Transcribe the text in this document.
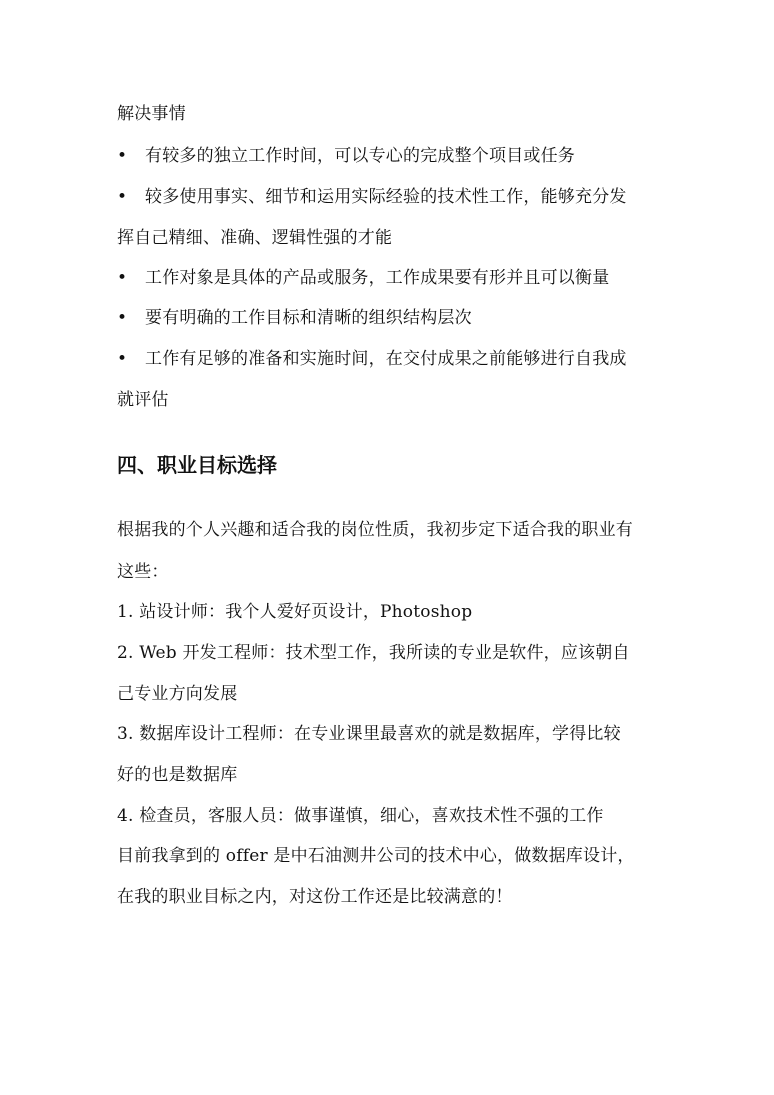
解决事情
• 有较多的独立工作时间，可以专心的完成整个项目或任务
• 较多使用事实、细节和运用实际经验的技术性工作，能够充分发
挥自己精细、准确、逻辑性强的才能
• 工作对象是具体的产品或服务，工作成果要有形并且可以衡量
• 要有明确的工作目标和清晰的组织结构层次
• 工作有足够的准备和实施时间，在交付成果之前能够进行自我成
就评估
四、职业目标选择
根据我的个人兴趣和适合我的岗位性质，我初步定下适合我的职业有
这些：
1. 站设计师：我个人爱好页设计，Photoshop
2. Web 开发工程师：技术型工作，我所读的专业是软件，应该朝自
己专业方向发展
3. 数据库设计工程师：在专业课里最喜欢的就是数据库，学得比较
好的也是数据库
4. 检查员，客服人员：做事谨慎，细心，喜欢技术性不强的工作
目前我拿到的 offer 是中石油测井公司的技术中心，做数据库设计，
在我的职业目标之内，对这份工作还是比较满意的！
